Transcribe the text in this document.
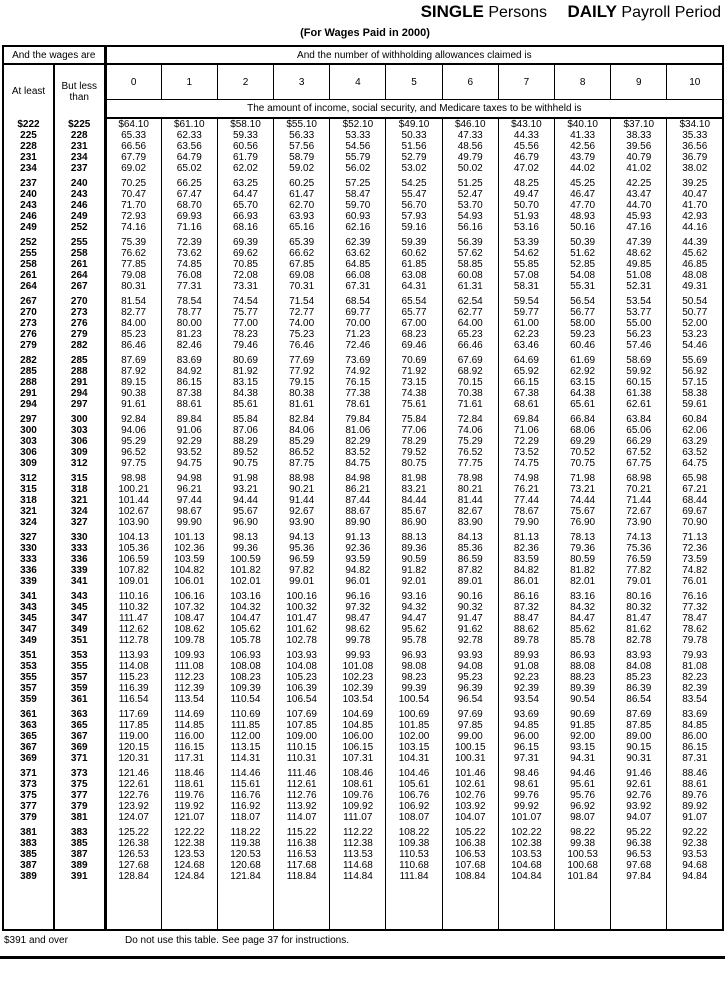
SINGLE Persons DAILY Payroll Period
(For Wages Paid in 2000)
And the wages are		And the number of withholding allowances claimed is										
At least	But less than	0	1	2	3	4	5	6	7	8	9	10
		The amount of income, social security, and Medicare taxes to be withheld is										
$222	$225	$64.10	$61.10	$58.10	$55.10	$52.10	$49.10	$46.10	$43.10	$40.10	$37.10	$34.10
225	228	65.33	62.33	59.33	56.33	53.33	50.33	47.33	44.33	41.33	38.33	35.33
228	231	66.56	63.56	60.56	57.56	54.56	51.56	48.56	45.56	42.56	39.56	36.56
231	234	67.79	64.79	61.79	58.79	55.79	52.79	49.79	46.79	43.79	40.79	36.79
234	237	69.02	65.02	62.02	59.02	56.02	53.02	50.02	47.02	44.02	41.02	38.02

237	240	70.25	66.25	63.25	60.25	57.25	54.25	51.25	48.25	45.25	42.25	39.25
240	243	70.47	67.47	64.47	61.47	58.47	55.47	52.47	49.47	46.47	43.47	40.47
243	246	71.70	68.70	65.70	62.70	59.70	56.70	53.70	50.70	47.70	44.70	41.70
246	249	72.93	69.93	66.93	63.93	60.93	57.93	54.93	51.93	48.93	45.93	42.93
249	252	74.16	71.16	68.16	65.16	62.16	59.16	56.16	53.16	50.16	47.16	44.16

252	255	75.39	72.39	69.39	65.39	62.39	59.39	56.39	53.39	50.39	47.39	44.39
255	258	76.62	73.62	69.62	66.62	63.62	60.62	57.62	54.62	51.62	48.62	45.62
258	261	77.85	74.85	70.85	67.85	64.85	61.85	58.85	55.85	52.85	49.85	46.85
261	264	79.08	76.08	72.08	69.08	66.08	63.08	60.08	57.08	54.08	51.08	48.08
264	267	80.31	77.31	73.31	70.31	67.31	64.31	61.31	58.31	55.31	52.31	49.31

267	270	81.54	78.54	74.54	71.54	68.54	65.54	62.54	59.54	56.54	53.54	50.54
270	273	82.77	78.77	75.77	72.77	69.77	65.77	62.77	59.77	56.77	53.77	50.77
273	276	84.00	80.00	77.00	74.00	70.00	67.00	64.00	61.00	58.00	55.00	52.00
276	279	85.23	81.23	78.23	75.23	71.23	68.23	65.23	62.23	59.23	56.23	53.23
279	282	86.46	82.46	79.46	76.46	72.46	69.46	66.46	63.46	60.46	57.46	54.46

282	285	87.69	83.69	80.69	77.69	73.69	70.69	67.69	64.69	61.69	58.69	55.69
285	288	87.92	84.92	81.92	77.92	74.92	71.92	68.92	65.92	62.92	59.92	56.92
288	291	89.15	86.15	83.15	79.15	76.15	73.15	70.15	66.15	63.15	60.15	57.15
291	294	90.38	87.38	84.38	80.38	77.38	74.38	70.38	67.38	64.38	61.38	58.38
294	297	91.61	88.61	85.61	81.61	78.61	75.61	71.61	68.61	65.61	62.61	59.61

297	300	92.84	89.84	85.84	82.84	79.84	75.84	72.84	69.84	66.84	63.84	60.84
300	303	94.06	91.06	87.06	84.06	81.06	77.06	74.06	71.06	68.06	65.06	62.06
303	306	95.29	92.29	88.29	85.29	82.29	78.29	75.29	72.29	69.29	66.29	63.29
306	309	96.52	93.52	89.52	86.52	83.52	79.52	76.52	73.52	70.52	67.52	63.52
309	312	97.75	94.75	90.75	87.75	84.75	80.75	77.75	74.75	70.75	67.75	64.75

312	315	98.98	94.98	91.98	88.98	84.98	81.98	78.98	74.98	71.98	68.98	65.98
315	318	100.21	96.21	93.21	90.21	86.21	83.21	80.21	76.21	73.21	70.21	67.21
318	321	101.44	97.44	94.44	91.44	87.44	84.44	81.44	77.44	74.44	71.44	68.44
321	324	102.67	98.67	95.67	92.67	88.67	85.67	82.67	78.67	75.67	72.67	69.67
324	327	103.90	99.90	96.90	93.90	89.90	86.90	83.90	79.90	76.90	73.90	70.90

327	330	104.13	101.13	98.13	94.13	91.13	88.13	84.13	81.13	78.13	74.13	71.13
330	333	105.36	102.36	99.36	95.36	92.36	89.36	85.36	82.36	79.36	75.36	72.36
333	336	106.59	103.59	100.59	96.59	93.59	90.59	86.59	83.59	80.59	76.59	73.59
336	339	107.82	104.82	101.82	97.82	94.82	91.82	87.82	84.82	81.82	77.82	74.82
339	341	109.01	106.01	102.01	99.01	96.01	92.01	89.01	86.01	82.01	79.01	76.01

341	343	110.16	106.16	103.16	100.16	96.16	93.16	90.16	86.16	83.16	80.16	76.16
343	345	110.32	107.32	104.32	100.32	97.32	94.32	90.32	87.32	84.32	80.32	77.32
345	347	111.47	108.47	104.47	101.47	98.47	94.47	91.47	88.47	84.47	81.47	78.47
347	349	112.62	108.62	105.62	101.62	98.62	95.62	91.62	88.62	85.62	81.62	78.62
349	351	112.78	109.78	105.78	102.78	99.78	95.78	92.78	89.78	85.78	82.78	79.78

351	353	113.93	109.93	106.93	103.93	99.93	96.93	93.93	89.93	86.93	83.93	79.93
353	355	114.08	111.08	108.08	104.08	101.08	98.08	94.08	91.08	88.08	84.08	81.08
355	357	115.23	112.23	108.23	105.23	102.23	98.23	95.23	92.23	88.23	85.23	82.23
357	359	116.39	112.39	109.39	106.39	102.39	99.39	96.39	92.39	89.39	86.39	82.39
359	361	116.54	113.54	110.54	106.54	103.54	100.54	96.54	93.54	90.54	86.54	83.54

361	363	117.69	114.69	110.69	107.69	104.69	100.69	97.69	93.69	90.69	87.69	83.69
363	365	117.85	114.85	111.85	107.85	104.85	101.85	97.85	94.85	91.85	87.85	84.85
365	367	119.00	116.00	112.00	109.00	106.00	102.00	99.00	96.00	92.00	89.00	86.00
367	369	120.15	116.15	113.15	110.15	106.15	103.15	100.15	96.15	93.15	90.15	86.15
369	371	120.31	117.31	114.31	110.31	107.31	104.31	100.31	97.31	94.31	90.31	87.31

371	373	121.46	118.46	114.46	111.46	108.46	104.46	101.46	98.46	94.46	91.46	88.46
373	375	122.61	118.61	115.61	112.61	108.61	105.61	102.61	98.61	95.61	92.61	88.61
375	377	122.76	119.76	116.76	112.76	109.76	106.76	102.76	99.76	95.76	92.76	89.76
377	379	123.92	119.92	116.92	113.92	109.92	106.92	103.92	99.92	96.92	93.92	89.92
379	381	124.07	121.07	118.07	114.07	111.07	108.07	104.07	101.07	98.07	94.07	91.07

381	383	125.22	122.22	118.22	115.22	112.22	108.22	105.22	102.22	98.22	95.22	92.22
383	385	126.38	122.38	119.38	116.38	112.38	109.38	106.38	102.38	99.38	96.38	92.38
385	387	126.53	123.53	120.53	116.53	113.53	110.53	106.53	103.53	100.53	96.53	93.53
387	389	127.68	124.68	120.68	117.68	114.68	110.68	107.68	104.68	100.68	97.68	94.68
389	391	128.84	124.84	121.84	118.84	114.84	111.84	108.84	104.84	101.84	97.84	94.84

$391 and over	Do not use this table. See page 37 for instructions.
